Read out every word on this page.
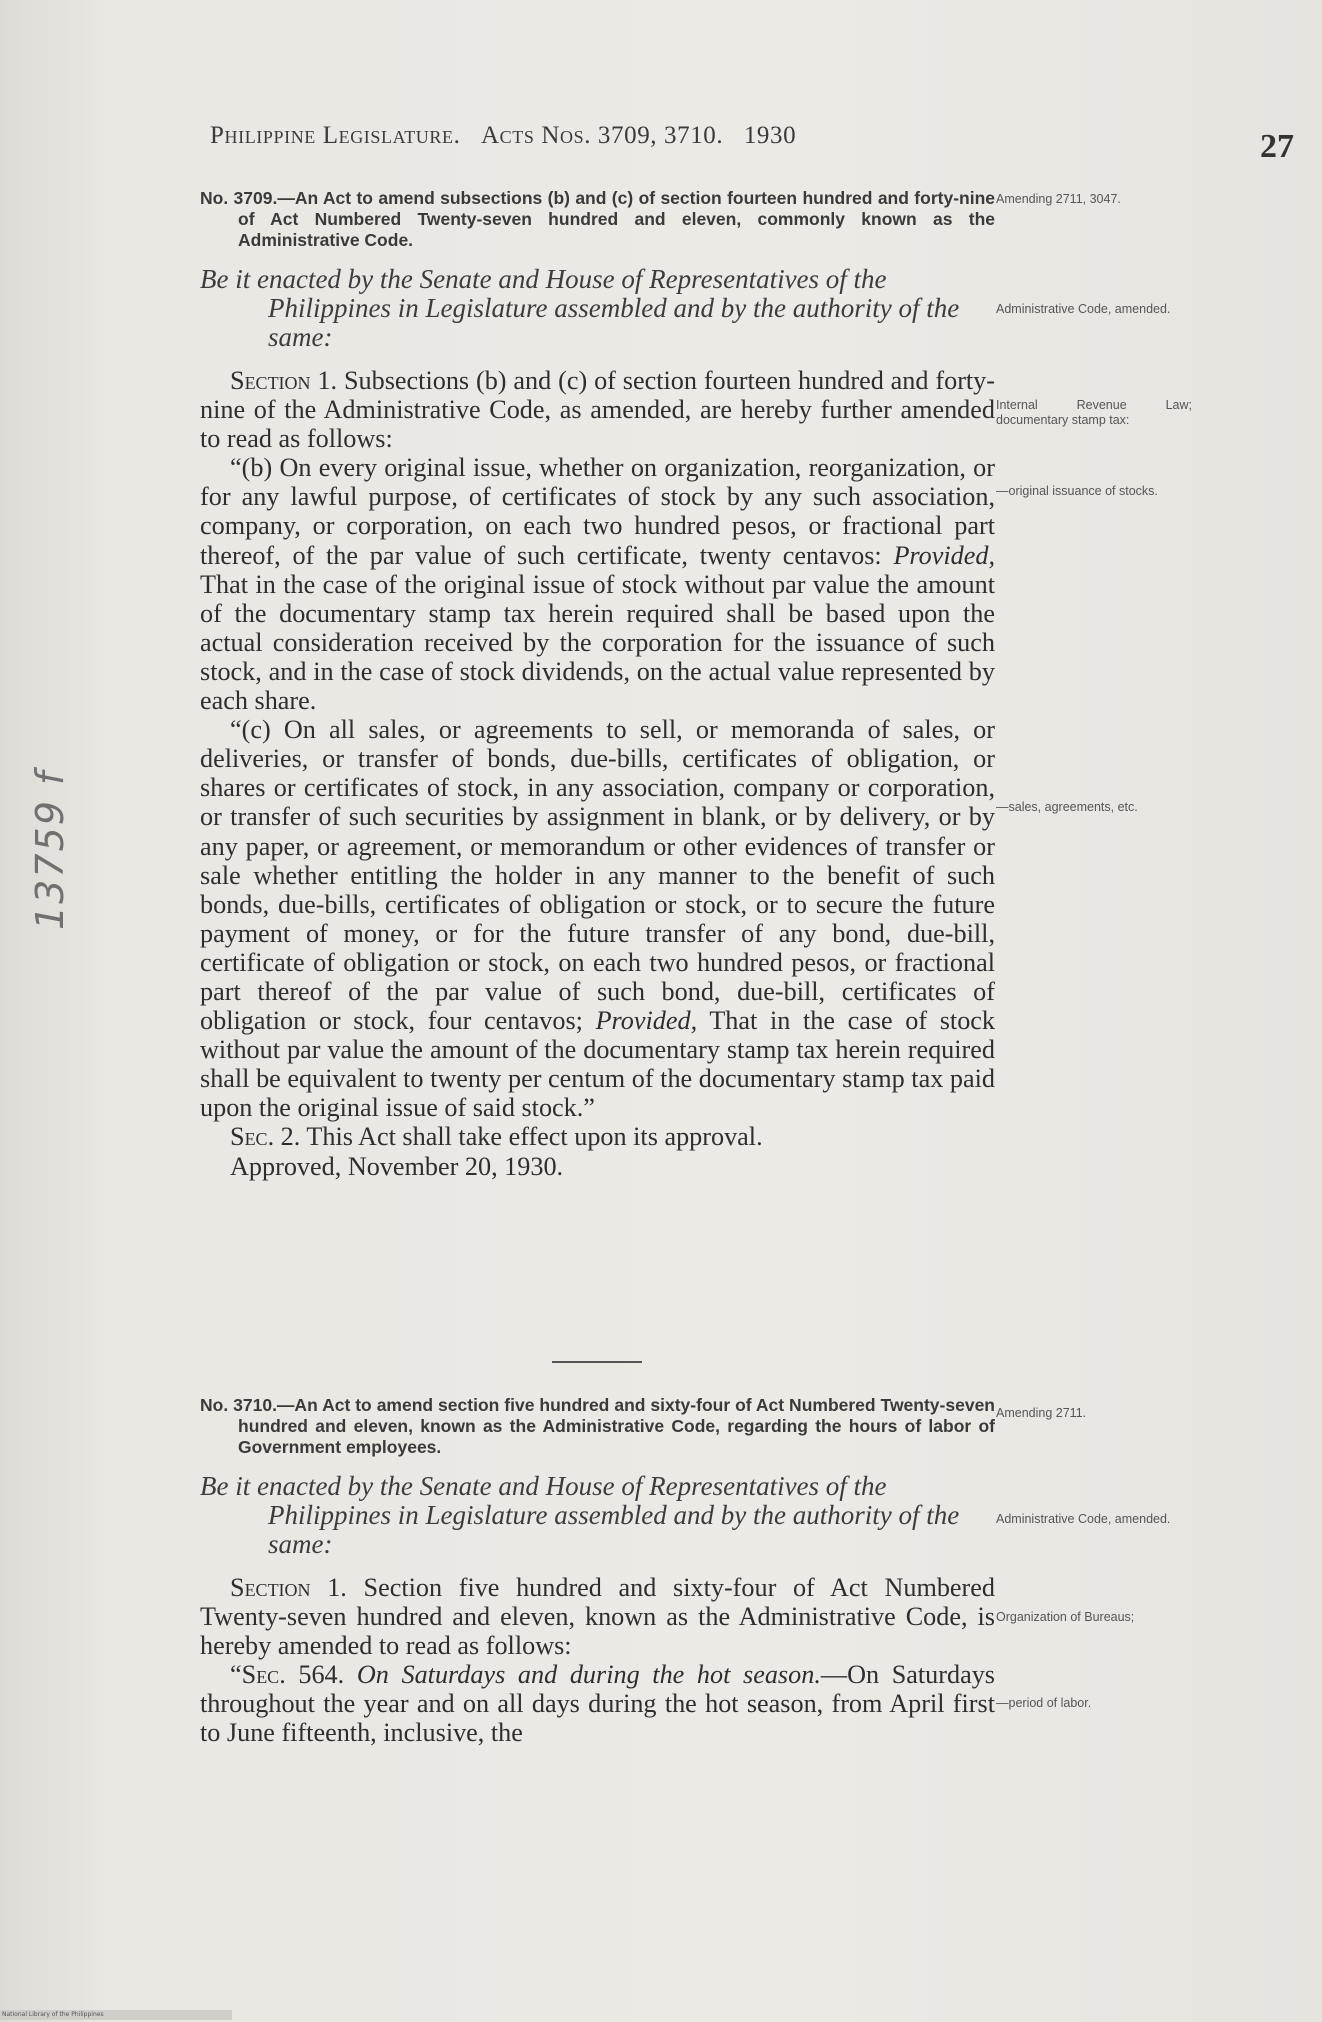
Philippine Legislature. Acts Nos. 3709, 3710. 1930	27
No. 3709.—An Act to amend subsections (b) and (c) of section fourteen hundred and forty-nine of Act Numbered Twenty-seven hundred and eleven, commonly known as the Administrative Code.
Be it enacted by the Senate and House of Representatives of the Philippines in Legislature assembled and by the authority of the same:

Section 1. Subsections (b) and (c) of section fourteen hundred and forty-nine of the Administrative Code, as amended, are hereby further amended to read as follows:

“(b) On every original issue, whether on organization, reorganization, or for any lawful purpose, of certificates of stock by any such association, company, or corporation, on each two hundred pesos, or fractional part thereof, of the par value of such certificate, twenty centavos: Provided, That in the case of the original issue of stock without par value the amount of the documentary stamp tax herein required shall be based upon the actual consideration received by the corporation for the issuance of such stock, and in the case of stock dividends, on the actual value represented by each share.

“(c) On all sales, or agreements to sell, or memoranda of sales, or deliveries, or transfer of bonds, due-bills, certificates of obligation, or shares or certificates of stock, in any association, company or corporation, or transfer of such securities by assignment in blank, or by delivery, or by any paper, or agreement, or memorandum or other evidences of transfer or sale whether entitling the holder in any manner to the benefit of such bonds, due-bills, certificates of obligation or stock, or to secure the future payment of money, or for the future transfer of any bond, due-bill, certificate of obligation or stock, on each two hundred pesos, or fractional part thereof of the par value of such bond, due-bill, certificates of obligation or stock, four centavos; Provided, That in the case of stock without par value the amount of the documentary stamp tax herein required shall be equivalent to twenty per centum of the documentary stamp tax paid upon the original issue of said stock.”

Sec. 2. This Act shall take effect upon its approval.

Approved, November 20, 1930.

No. 3710.—An Act to amend section five hundred and sixty-four of Act Numbered Twenty-seven hundred and eleven, known as the Administrative Code, regarding the hours of labor of Government employees.
Be it enacted by the Senate and House of Representatives of the Philippines in Legislature assembled and by the authority of the same:

Section 1. Section five hundred and sixty-four of Act Numbered Twenty-seven hundred and eleven, known as the Administrative Code, is hereby amended to read as follows:

“Sec. 564. On Saturdays and during the hot season.—On Saturdays throughout the year and on all days during the hot season, from April first to June fifteenth, inclusive, the

Amending 2711, 3047.
Administrative Code, amended.
Internal Revenue Law; documentary stamp tax:
—original issuance of stocks.
—sales, agreements, etc.
Amending 2711.
Administrative Code, amended.
Organization of Bureaus;
—period of labor.
13759 f
National Library of the Philippines
